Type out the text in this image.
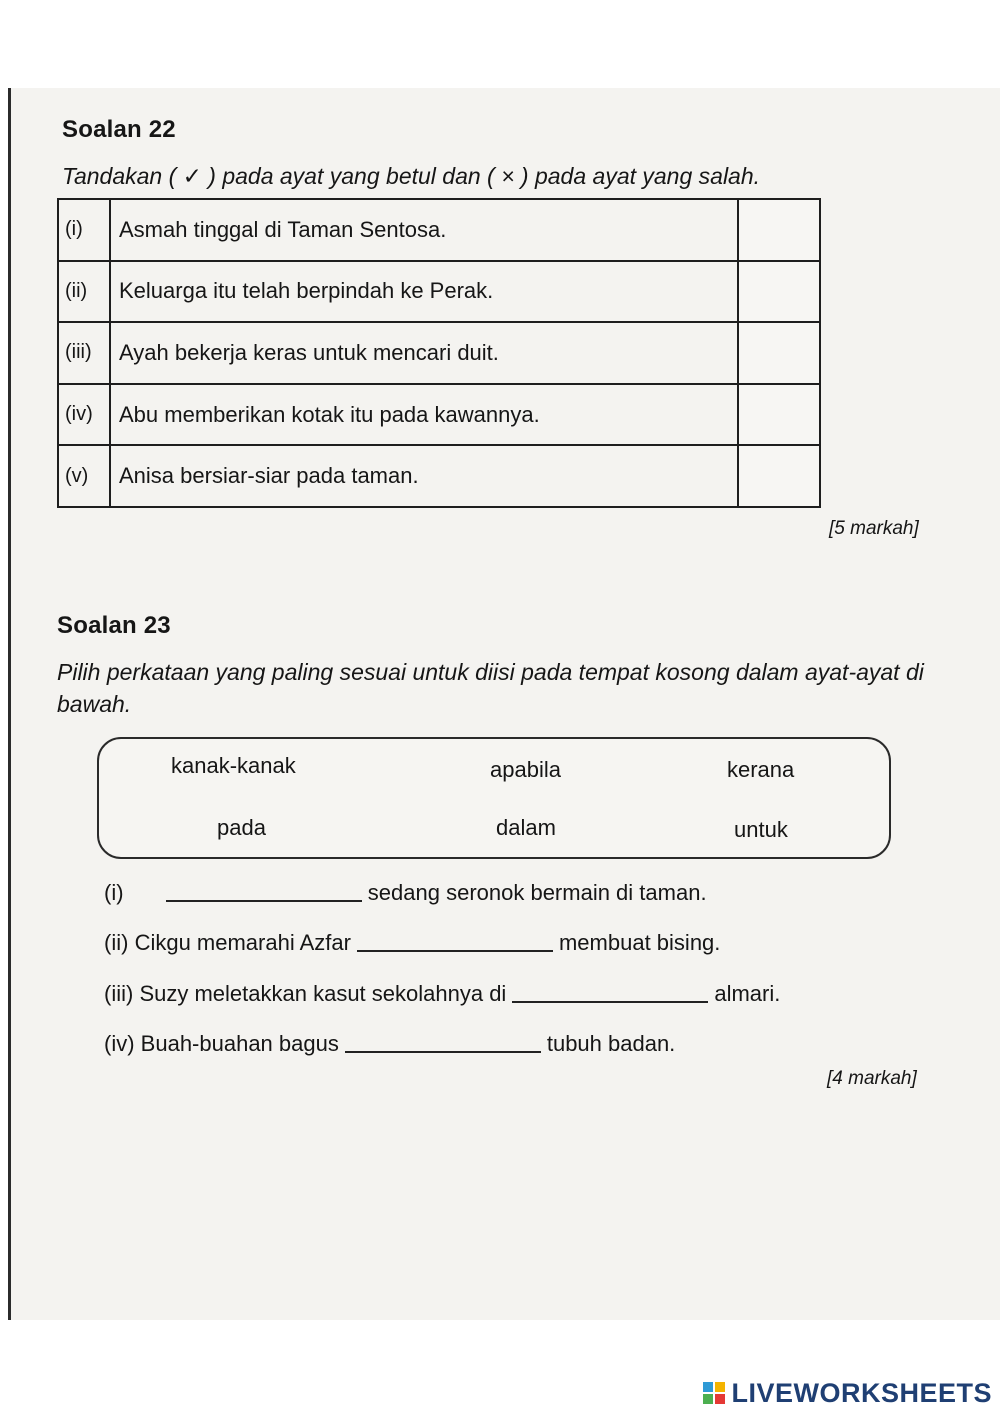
Soalan 22
Tandakan ( ✓ ) pada ayat yang betul dan ( × ) pada ayat yang salah.
(i)	Asmah tinggal di Taman Sentosa.	
(ii)	Keluarga itu telah berpindah ke Perak.	
(iii)	Ayah bekerja keras untuk mencari duit.	
(iv)	Abu memberikan kotak itu pada kawannya.	
(v)	Anisa bersiar-siar pada taman.	
[5 markah]
Soalan 23
Pilih perkataan yang paling sesuai untuk diisi pada tempat kosong dalam ayat-ayat di bawah.
kanak-kanak	apabila	kerana
pada	dalam	untuk
(i)	sedang seronok bermain di taman.
(ii) Cikgu memarahi Azfar	membuat bising.
(iii) Suzy meletakkan kasut sekolahnya di	almari.
(iv) Buah-buahan bagus	tubuh badan.
[4 markah]
LIVEWORKSHEETS
